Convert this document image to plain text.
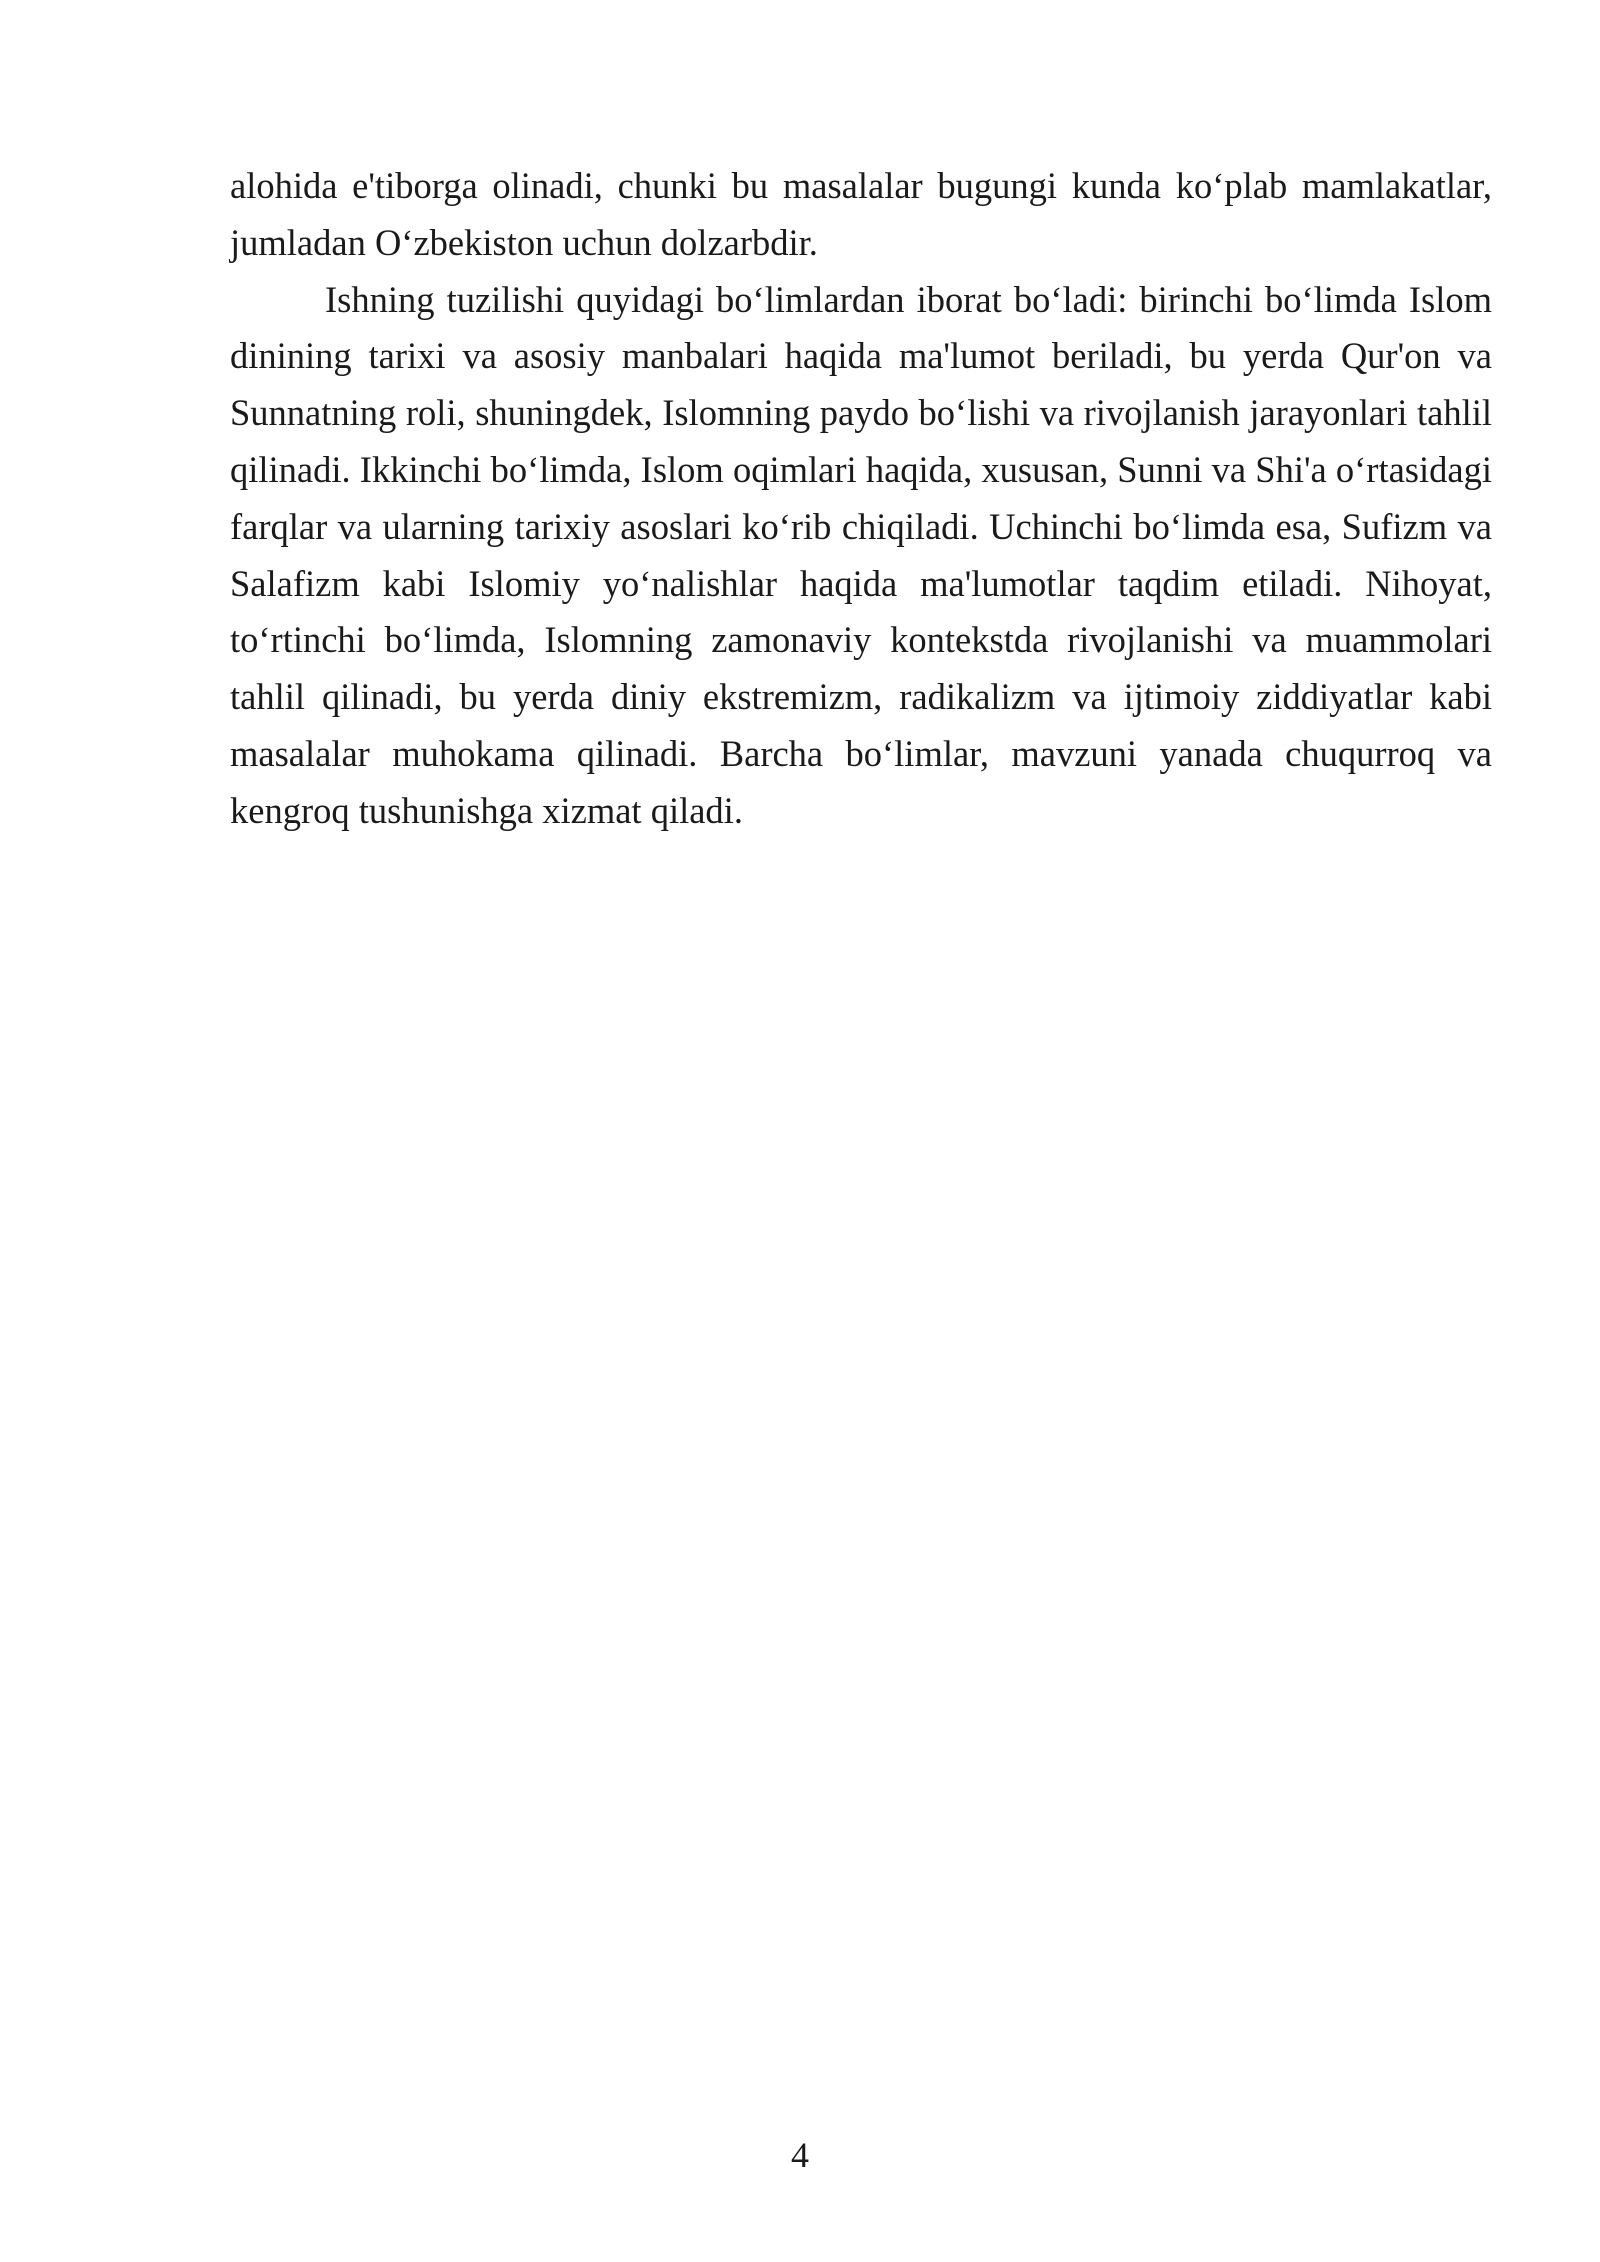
alohida e'tiborga olinadi, chunki bu masalalar bugungi kunda ko‘plab mamlakatlar, jumladan O‘zbekiston uchun dolzarbdir.

Ishning tuzilishi quyidagi bo‘limlardan iborat bo‘ladi: birinchi bo‘limda Islom dinining tarixi va asosiy manbalari haqida ma'lumot beriladi, bu yerda Qur'on va Sunnatning roli, shuningdek, Islomning paydo bo‘lishi va rivojlanish jarayonlari tahlil qilinadi. Ikkinchi bo‘limda, Islom oqimlari haqida, xususan, Sunni va Shi'a o‘rtasidagi farqlar va ularning tarixiy asoslari ko‘rib chiqiladi. Uchinchi bo‘limda esa, Sufizm va Salafizm kabi Islomiy yo‘nalishlar haqida ma'lumotlar taqdim etiladi. Nihoyat, to‘rtinchi bo‘limda, Islomning zamonaviy kontekstda rivojlanishi va muammolari tahlil qilinadi, bu yerda diniy ekstremizm, radikalizm va ijtimoiy ziddiyatlar kabi masalalar muhokama qilinadi. Barcha bo‘limlar, mavzuni yanada chuqurroq va kengroq tushunishga xizmat qiladi.

4
